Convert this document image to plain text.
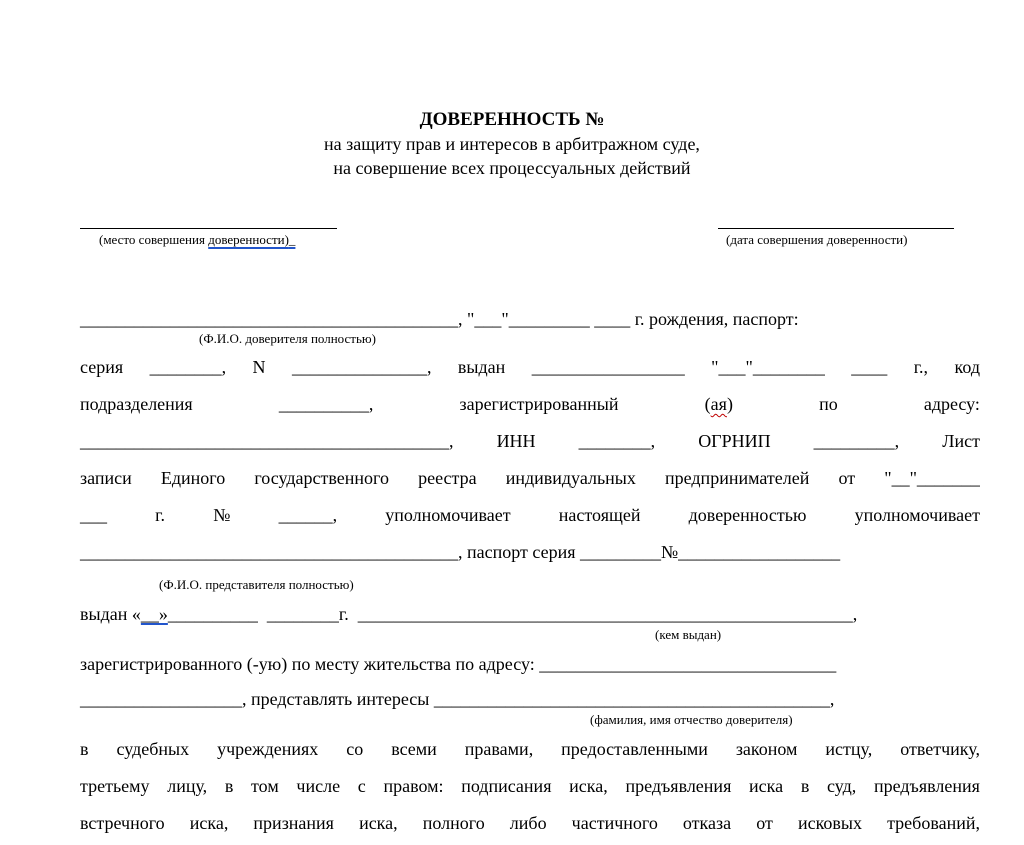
ДОВЕРЕННОСТЬ №
на защиту прав и интересов в арбитражном суде,
на совершение всех процессуальных действий
(место совершения доверенности)_	(дата совершения доверенности)
__________________________________________, "___"_________ ____ г. рождения, паспорт:
(Ф.И.О. доверителя полностью)
серия ________, N _______________, выдан _________________ "___"________ ____ г., код
подразделения	__________,	зарегистрированный	(ая)	по	адресу:
_________________________________________, ИНН ________, ОГРНИП _________, Лист
записи Единого государственного реестра индивидуальных предпринимателей от "__"_______
___	г.	№	______,	уполномочивает	настоящей	доверенностью	уполномочивает
__________________________________________, паспорт серия _________№__________________
(Ф.И.О. представителя полностью)
выдан «__»__________  ________г.  _______________________________________________________,
(кем выдан)
зарегистрированного (-ую) по месту жительства по адресу: _________________________________
__________________, представлять интересы ____________________________________________,
(фамилия, имя отчество доверителя)
в судебных учреждениях со всеми правами, предоставленными законом истцу, ответчику,
третьему лицу, в том числе с правом: подписания иска, предъявления иска в суд, предъявления
встречного иска, признания иска, полного либо частичного отказа от исковых требований,
